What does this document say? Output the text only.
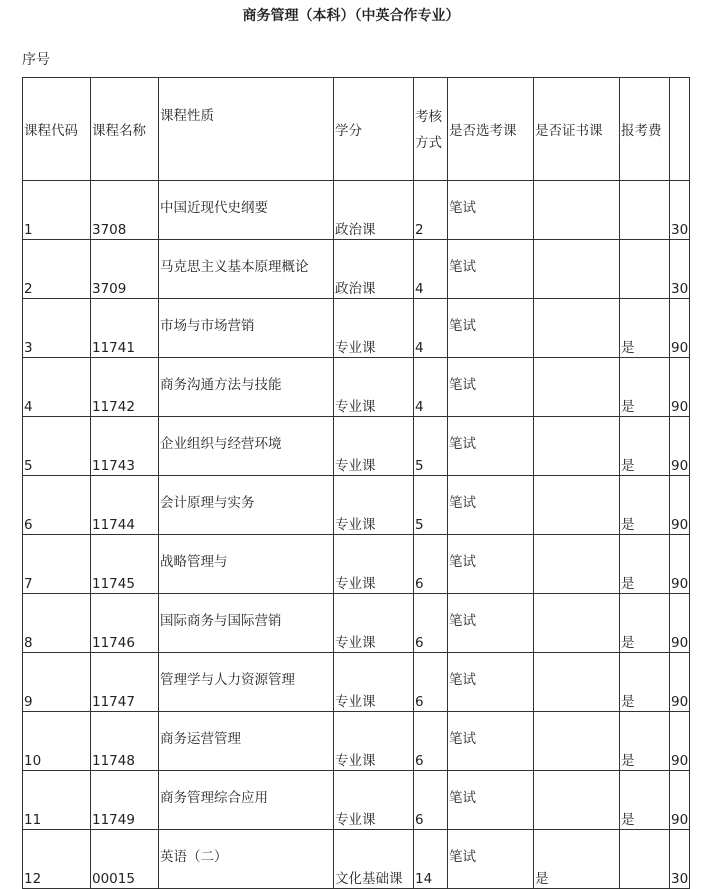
商务管理（本科）（中英合作专业）
序号
课程代码	课程名称	课程性质	学分	考核方式	是否选考课	是否证书课	报考费	
1	3708	中国近现代史纲要	政治课	2	笔试			30
2	3709	马克思主义基本原理概论	政治课	4	笔试			30
3	11741	市场与市场营销	专业课	4	笔试		是	90
4	11742	商务沟通方法与技能	专业课	4	笔试		是	90
5	11743	企业组织与经营环境	专业课	5	笔试		是	90
6	11744	会计原理与实务	专业课	5	笔试		是	90
7	11745	战略管理与	专业课	6	笔试		是	90
8	11746	国际商务与国际营销	专业课	6	笔试		是	90
9	11747	管理学与人力资源管理	专业课	6	笔试		是	90
10	11748	商务运营管理	专业课	6	笔试		是	90
11	11749	商务管理综合应用	专业课	6	笔试		是	90
12	00015	英语（二）	文化基础课	14	笔试	是		30
